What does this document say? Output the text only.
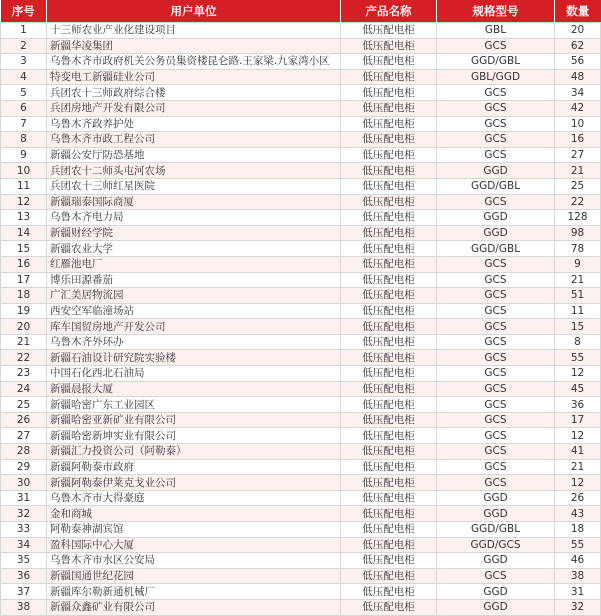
序号	用户单位	产品名称	规格型号	数量
1	十三师农业产业化建设项目	低压配电柜	GBL	20
2	新疆华凌集团	低压配电柜	GCS	62
3	乌鲁木齐市政府机关公务员集资楼昆仑路.王家梁.九家湾小区	低压配电柜	GGD/GBL	56
4	特变电工新疆硅业公司	低压配电柜	GBL/GGD	48
5	兵团农十三师政府综合楼	低压配电柜	GCS	34
6	兵团房地产开发有限公司	低压配电柜	GCS	42
7	乌鲁木齐政养护处	低压配电柜	GCS	10
8	乌鲁木齐市政工程公司	低压配电柜	GCS	16
9	新疆公安厅防恐基地	低压配电柜	GCS	27
10	兵团农十二师头屯河农场	低压配电柜	GGD	21
11	兵团农十三师红星医院	低压配电柜	GGD/GBL	25
12	新疆瑞泰国际商厦	低压配电柜	GCS	22
13	乌鲁木齐电力局	低压配电柜	GGD	128
14	新疆财经学院	低压配电柜	GGD	98
15	新疆农业大学	低压配电柜	GGD/GBL	78
16	红雁池电厂	低压配电柜	GCS	9
17	博乐田源番茄	低压配电柜	GCS	21
18	广汇美居物流园	低压配电柜	GCS	51
19	西安空军临潼场站	低压配电柜	GCS	11
20	库车国贸房地产开发公司	低压配电柜	GCS	15
21	乌鲁木齐外环办	低压配电柜	GCS	8
22	新疆石油设计研究院实验楼	低压配电柜	GCS	55
23	中国石化西北石油局	低压配电柜	GCS	12
24	新疆晨报大厦	低压配电柜	GCS	45
25	新疆哈密广东工业园区	低压配电柜	GCS	36
26	新疆哈密亚新矿业有限公司	低压配电柜	GCS	17
27	新疆哈密新坤实业有限公司	低压配电柜	GCS	12
28	新疆汇力投资公司（阿勒泰）	低压配电柜	GCS	41
29	新疆阿勒泰市政府	低压配电柜	GCS	21
30	新疆阿勒泰伊莱克戈业公司	低压配电柜	GCS	12
31	乌鲁木齐市大得豪庭	低压配电柜	GGD	26
32	金和商城	低压配电柜	GGD	43
33	阿勒泰神湖宾馆	低压配电柜	GGD/GBL	18
34	盈科国际中心大厦	低压配电柜	GGD/GCS	55
35	乌鲁木齐市水区公安局	低压配电柜	GGD	46
36	新疆国通世纪花园	低压配电柜	GCS	38
37	新疆库尔勒新通机械厂	低压配电柜	GGD	31
38	新疆众鑫矿业有限公司	低压配电柜	GGD	32
